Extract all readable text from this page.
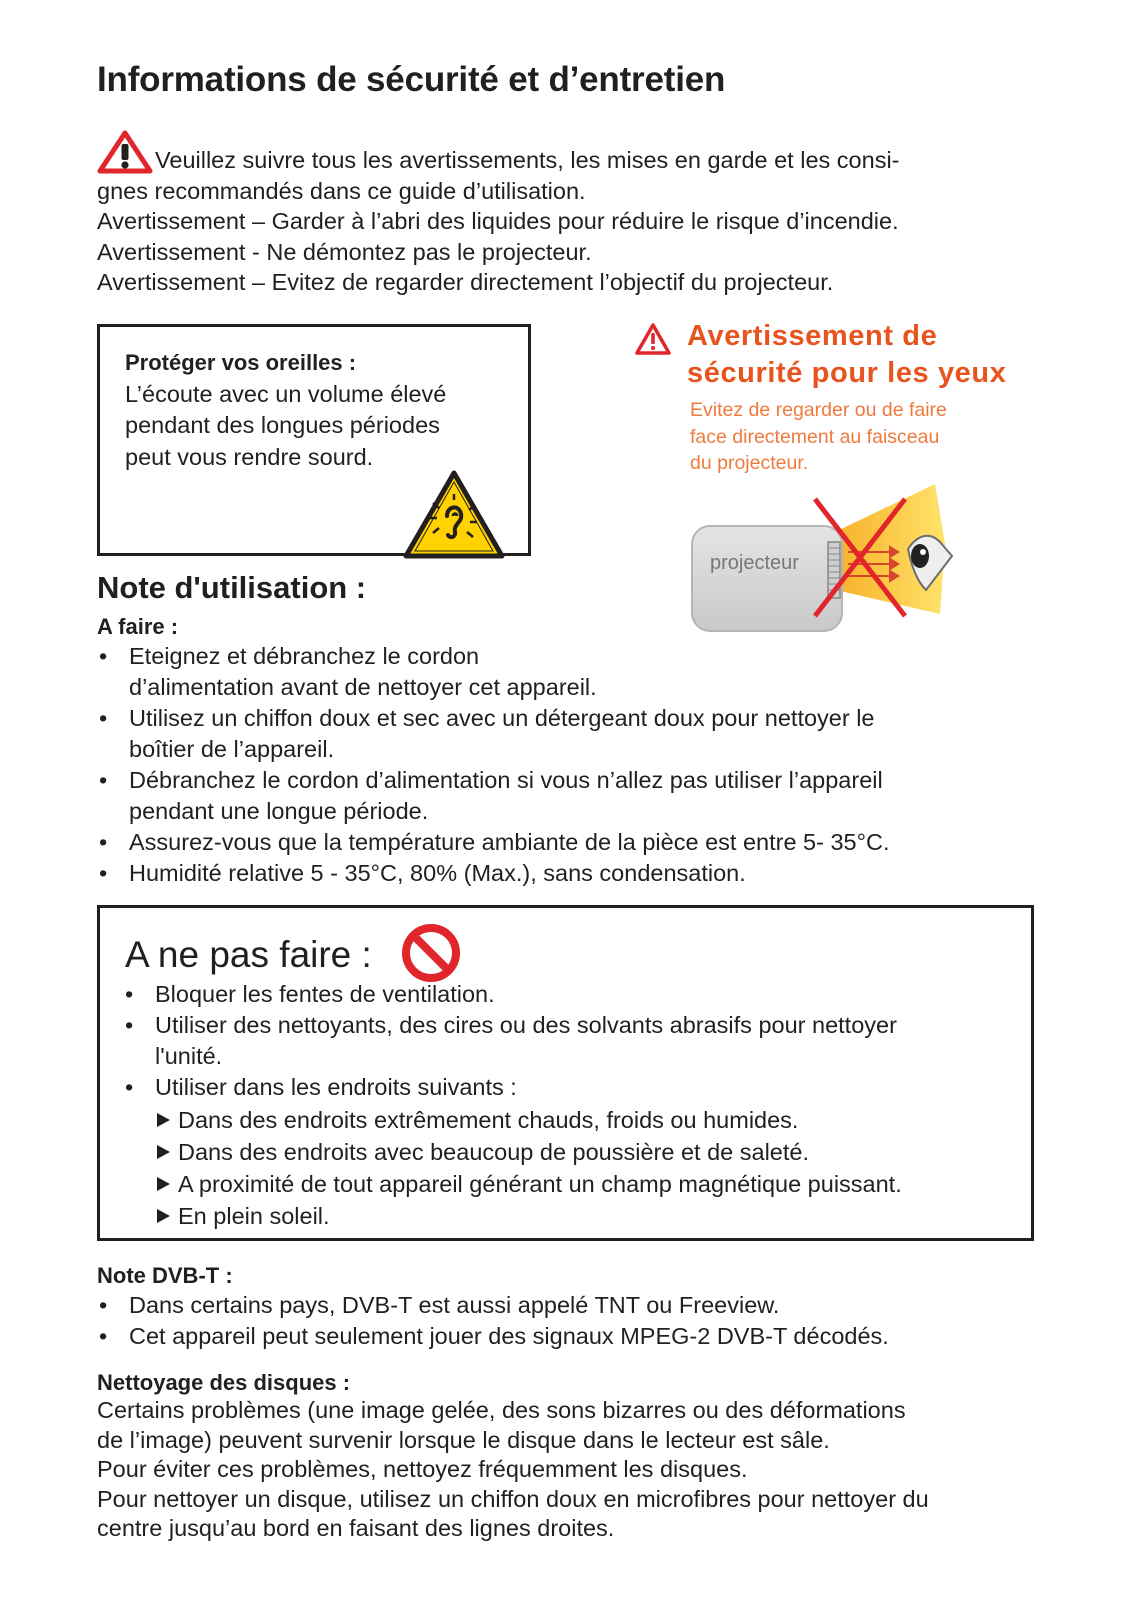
Informations de sécurité et d’entretien

Veuillez suivre tous les avertissements, les mises en garde et les consi-

gnes recommandés dans ce guide d’utilisation.

Avertissement – Garder à l’abri des liquides pour réduire le risque d’incendie.

Avertissement - Ne démontez pas le projecteur.

Avertissement – Evitez de regarder directement l’objectif du projecteur.

Protéger vos oreilles :
L’écoute avec un volume élevé
pendant des longues périodes
peut vous rendre sourd.
Avertissement de
sécurité pour les yeux
Evitez de regarder ou de faire
face directement au faisceau
du projecteur.
projecteur
Note d'utilisation :
A faire :
• Eteignez et débranchez le cordon
d’alimentation avant de nettoyer cet appareil.
• Utilisez un chiffon doux et sec avec un détergeant doux pour nettoyer le
boîtier de l’appareil.
• Débranchez le cordon d’alimentation si vous n’allez pas utiliser l’appareil
pendant une longue période.
• Assurez-vous que la température ambiante de la pièce est entre 5- 35°C.
• Humidité relative 5 - 35°C, 80% (Max.), sans condensation.
A ne pas faire :
• Bloquer les fentes de ventilation.
• Utiliser des nettoyants, des cires ou des solvants abrasifs pour nettoyer
l'unité.
• Utiliser dans les endroits suivants :
Dans des endroits extrêmement chauds, froids ou humides.
Dans des endroits avec beaucoup de poussière et de saleté.
A proximité de tout appareil générant un champ magnétique puissant.
En plein soleil.
Note DVB-T :
• Dans certains pays, DVB-T est aussi appelé TNT ou Freeview.
• Cet appareil peut seulement jouer des signaux MPEG-2 DVB-T décodés.
Nettoyage des disques :
Certains problèmes (une image gelée, des sons bizarres ou des déformations
de l’image) peuvent survenir lorsque le disque dans le lecteur est sâle.
Pour éviter ces problèmes, nettoyez fréquemment les disques.
Pour nettoyer un disque, utilisez un chiffon doux en microfibres pour nettoyer du
centre jusqu’au bord en faisant des lignes droites.
